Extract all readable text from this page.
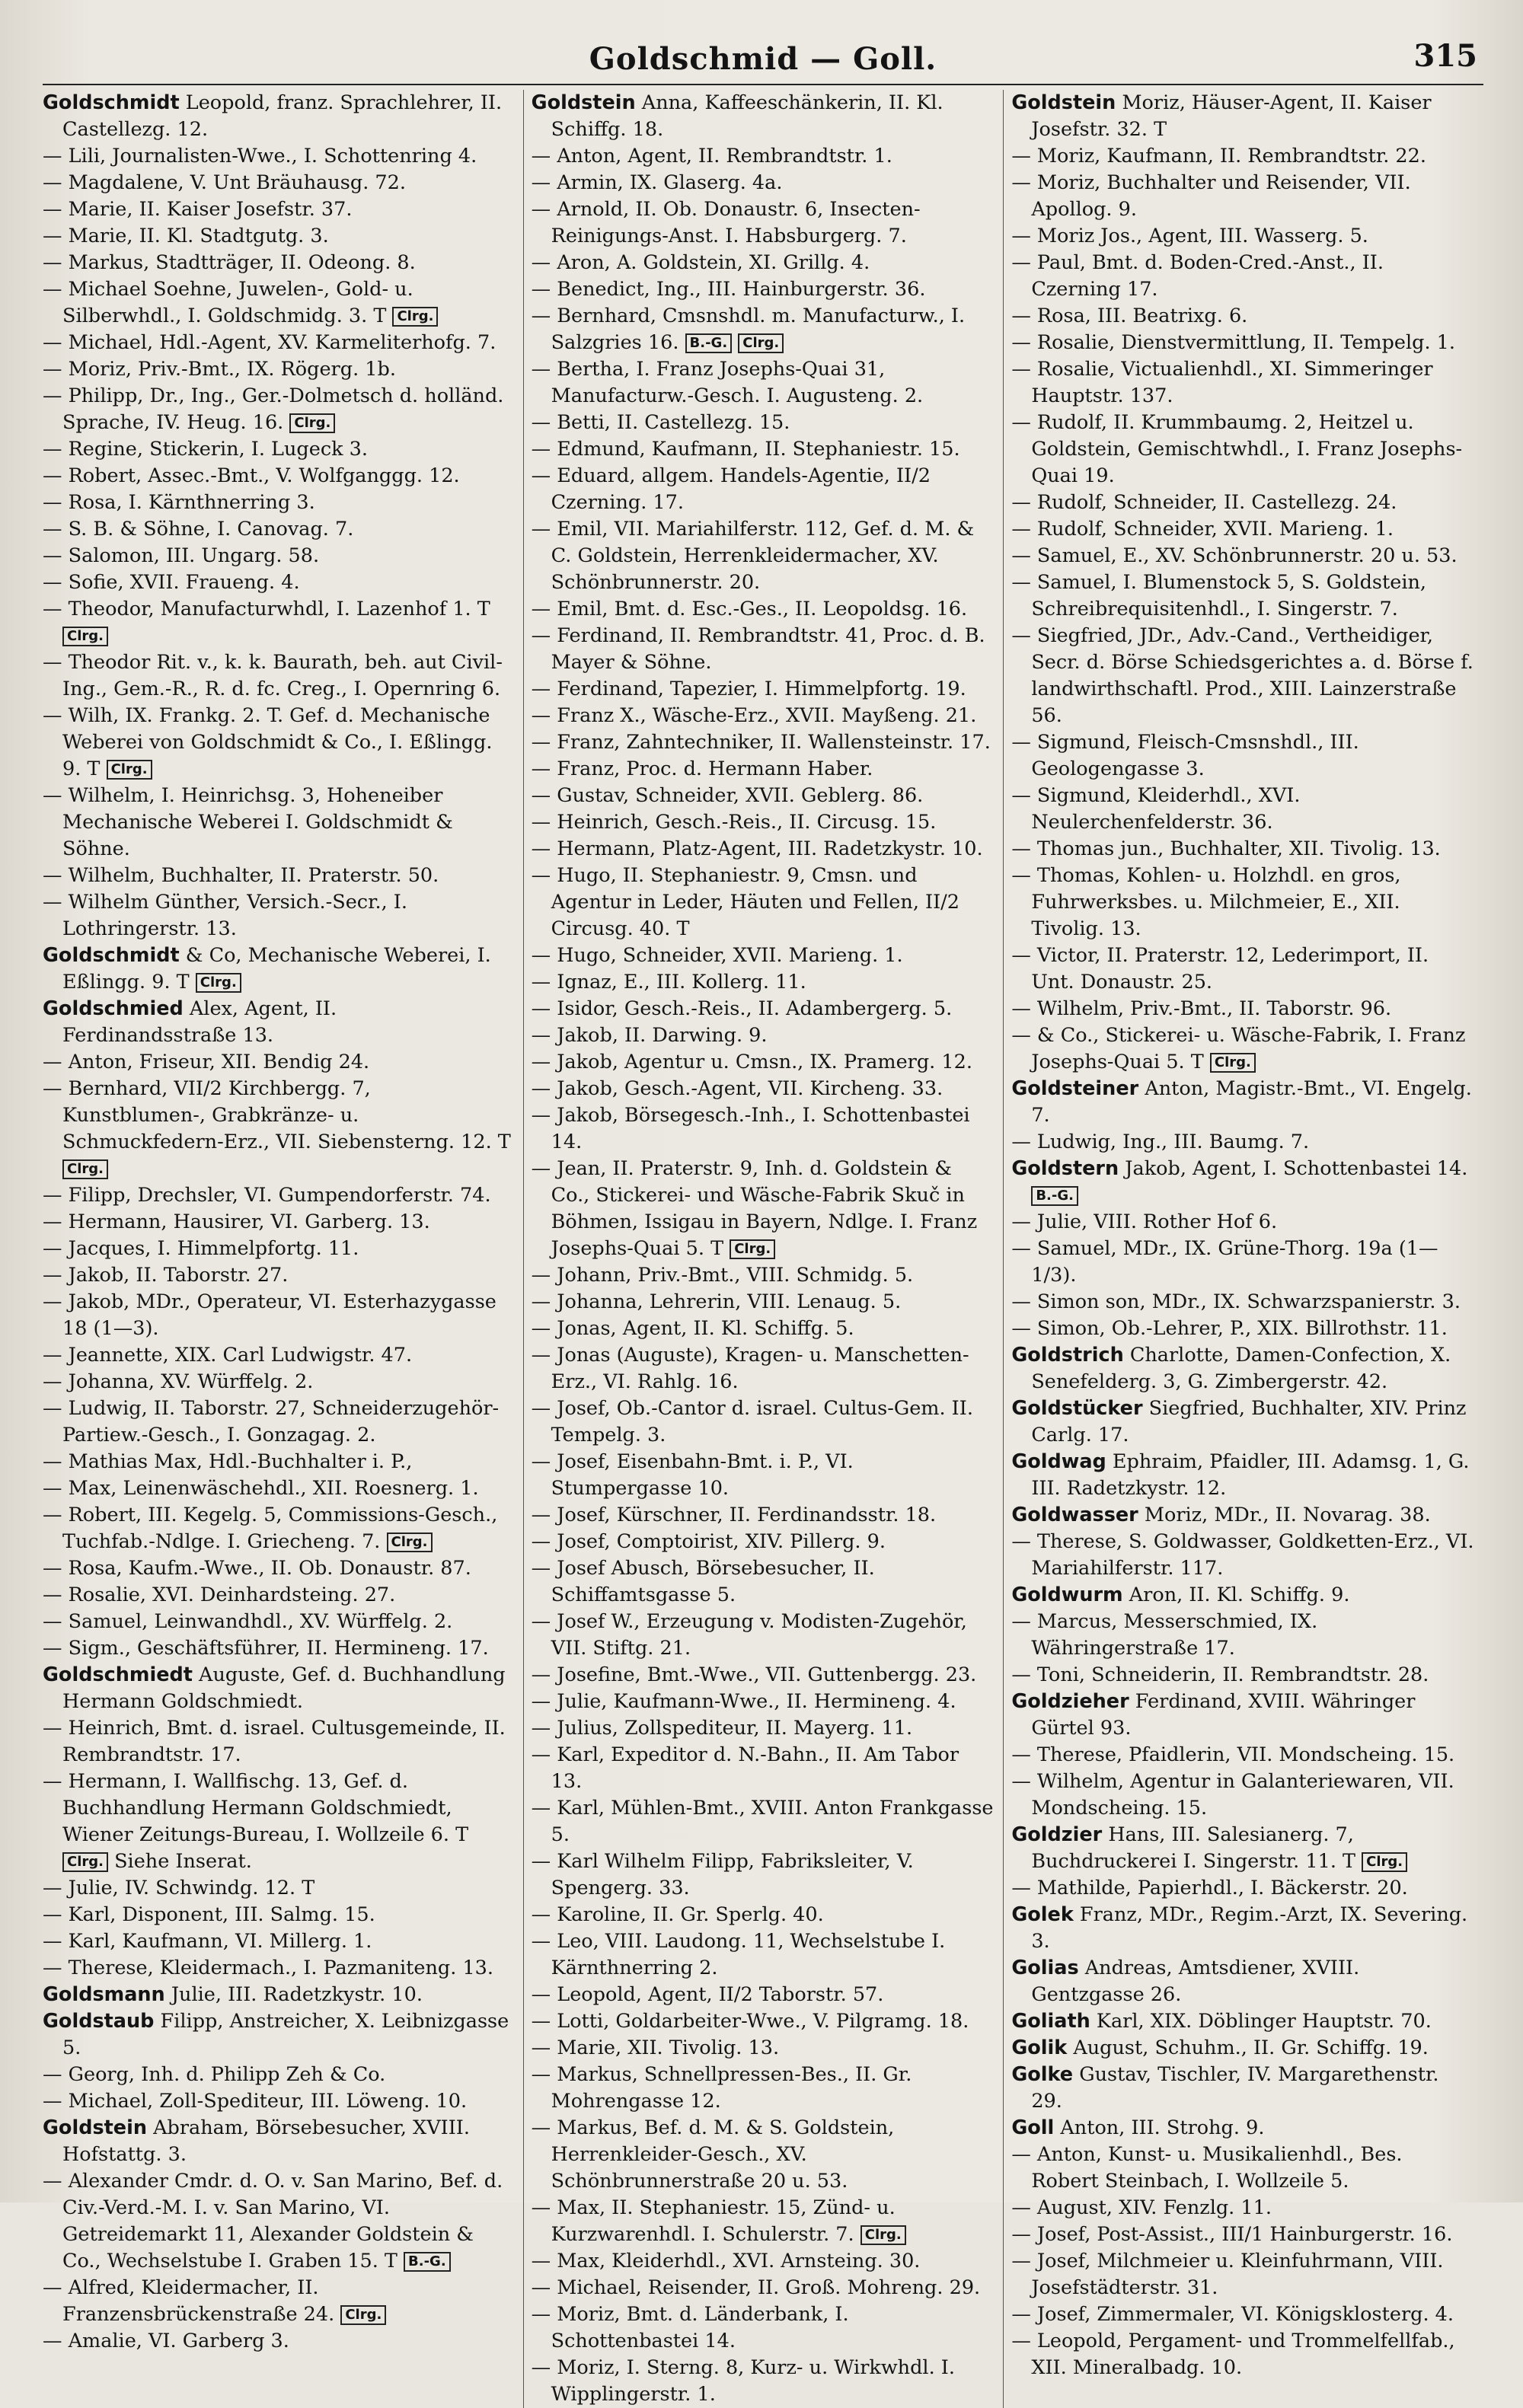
Goldschmid — Goll.	315
Goldschmidt Leopold, franz. Sprachlehrer, II. Castellezg. 12.
— Lili, Journalisten-Wwe., I. Schottenring 4.
— Magdalene, V. Unt Bräuhausg. 72.
— Marie, II. Kaiser Josefstr. 37.
— Marie, II. Kl. Stadtgutg. 3.
— Markus, Stadtträger, II. Odeong. 8.
— Michael Soehne, Juwelen-, Gold- u. Silberwhdl., I. Goldschmidg. 3. T Clrg.
— Michael, Hdl.-Agent, XV. Karmeliterhofg. 7.
— Moriz, Priv.-Bmt., IX. Rögerg. 1b.
— Philipp, Dr., Ing., Ger.-Dolmetsch d. holländ. Sprache, IV. Heug. 16. Clrg.
— Regine, Stickerin, I. Lugeck 3.
— Robert, Assec.-Bmt., V. Wolfganggg. 12.
— Rosa, I. Kärnthnerring 3.
— S. B. & Söhne, I. Canovag. 7.
— Salomon, III. Ungarg. 58.
— Sofie, XVII. Fraueng. 4.
— Theodor, Manufacturwhdl, I. Lazenhof 1. T Clrg.
— Theodor Rit. v., k. k. Baurath, beh. aut Civil-Ing., Gem.-R., R. d. fc. Creg., I. Opernring 6.
— Wilh, IX. Frankg. 2. T. Gef. d. Mechanische Weberei von Goldschmidt & Co., I. Eßlingg. 9. T Clrg.
— Wilhelm, I. Heinrichsg. 3, Hoheneiber Mechanische Weberei I. Goldschmidt & Söhne.
— Wilhelm, Buchhalter, II. Praterstr. 50.
— Wilhelm Günther, Versich.-Secr., I. Lothringerstr. 13.
Goldschmidt & Co, Mechanische Weberei, I. Eßlingg. 9. T Clrg.
Goldschmied Alex, Agent, II. Ferdinandsstraße 13.
— Anton, Friseur, XII. Bendig 24.
— Bernhard, VII/2 Kirchbergg. 7, Kunstblumen-, Grabkränze- u. Schmuckfedern-Erz., VII. Siebensterng. 12. T Clrg.
— Filipp, Drechsler, VI. Gumpendorferstr. 74.
— Hermann, Hausirer, VI. Garberg. 13.
— Jacques, I. Himmelpfortg. 11.
— Jakob, II. Taborstr. 27.
— Jakob, MDr., Operateur, VI. Esterhazygasse 18 (1—3).
— Jeannette, XIX. Carl Ludwigstr. 47.
— Johanna, XV. Würffelg. 2.
— Ludwig, II. Taborstr. 27, Schneiderzugehör-Partiew.-Gesch., I. Gonzagag. 2.
— Mathias Max, Hdl.-Buchhalter i. P.,
— Max, Leinenwäschehdl., XII. Roesnerg. 1.
— Robert, III. Kegelg. 5, Commissions-Gesch., Tuchfab.-Ndlge. I. Griecheng. 7. Clrg.
— Rosa, Kaufm.-Wwe., II. Ob. Donaustr. 87.
— Rosalie, XVI. Deinhardsteing. 27.
— Samuel, Leinwandhdl., XV. Würffelg. 2.
— Sigm., Geschäftsführer, II. Hermineng. 17.
Goldschmiedt Auguste, Gef. d. Buchhandlung Hermann Goldschmiedt.
— Heinrich, Bmt. d. israel. Cultusgemeinde, II. Rembrandtstr. 17.
— Hermann, I. Wallfischg. 13, Gef. d. Buchhandlung Hermann Goldschmiedt, Wiener Zeitungs-Bureau, I. Wollzeile 6. T Clrg. Siehe Inserat.
— Julie, IV. Schwindg. 12. T
— Karl, Disponent, III. Salmg. 15.
— Karl, Kaufmann, VI. Millerg. 1.
— Therese, Kleidermach., I. Pazmaniteng. 13.
Goldsmann Julie, III. Radetzkystr. 10.
Goldstaub Filipp, Anstreicher, X. Leibnizgasse 5.
— Georg, Inh. d. Philipp Zeh & Co.
— Michael, Zoll-Spediteur, III. Löweng. 10.
Goldstein Abraham, Börsebesucher, XVIII. Hofstattg. 3.
— Alexander Cmdr. d. O. v. San Marino, Bef. d. Civ.-Verd.-M. I. v. San Marino, VI. Getreidemarkt 11, Alexander Goldstein & Co., Wechselstube I. Graben 15. T B.-G.
— Alfred, Kleidermacher, II. Franzensbrückenstraße 24. Clrg.
— Amalie, VI. Garberg 3.
Goldstein Anna, Kaffeeschänkerin, II. Kl. Schiffg. 18.
— Anton, Agent, II. Rembrandtstr. 1.
— Armin, IX. Glaserg. 4a.
— Arnold, II. Ob. Donaustr. 6, Insecten-Reinigungs-Anst. I. Habsburgerg. 7.
— Aron, A. Goldstein, XI. Grillg. 4.
— Benedict, Ing., III. Hainburgerstr. 36.
— Bernhard, Cmsnshdl. m. Manufacturw., I. Salzgries 16. B.-G. Clrg.
— Bertha, I. Franz Josephs-Quai 31, Manufacturw.-Gesch. I. Augusteng. 2.
— Betti, II. Castellezg. 15.
— Edmund, Kaufmann, II. Stephaniestr. 15.
— Eduard, allgem. Handels-Agentie, II/2 Czerning. 17.
— Emil, VII. Mariahilferstr. 112, Gef. d. M. & C. Goldstein, Herrenkleidermacher, XV. Schönbrunnerstr. 20.
— Emil, Bmt. d. Esc.-Ges., II. Leopoldsg. 16.
— Ferdinand, II. Rembrandtstr. 41, Proc. d. B. Mayer & Söhne.
— Ferdinand, Tapezier, I. Himmelpfortg. 19.
— Franz X., Wäsche-Erz., XVII. Mayßeng. 21.
— Franz, Zahntechniker, II. Wallensteinstr. 17.
— Franz, Proc. d. Hermann Haber.
— Gustav, Schneider, XVII. Geblerg. 86.
— Heinrich, Gesch.-Reis., II. Circusg. 15.
— Hermann, Platz-Agent, III. Radetzkystr. 10.
— Hugo, II. Stephaniestr. 9, Cmsn. und Agentur in Leder, Häuten und Fellen, II/2 Circusg. 40. T
— Hugo, Schneider, XVII. Marieng. 1.
— Ignaz, E., III. Kollerg. 11.
— Isidor, Gesch.-Reis., II. Adambergerg. 5.
— Jakob, II. Darwing. 9.
— Jakob, Agentur u. Cmsn., IX. Pramerg. 12.
— Jakob, Gesch.-Agent, VII. Kircheng. 33.
— Jakob, Börsegesch.-Inh., I. Schottenbastei 14.
— Jean, II. Praterstr. 9, Inh. d. Goldstein & Co., Stickerei- und Wäsche-Fabrik Skuč in Böhmen, Issigau in Bayern, Ndlge. I. Franz Josephs-Quai 5. T Clrg.
— Johann, Priv.-Bmt., VIII. Schmidg. 5.
— Johanna, Lehrerin, VIII. Lenaug. 5.
— Jonas, Agent, II. Kl. Schiffg. 5.
— Jonas (Auguste), Kragen- u. Manschetten-Erz., VI. Rahlg. 16.
— Josef, Ob.-Cantor d. israel. Cultus-Gem. II. Tempelg. 3.
— Josef, Eisenbahn-Bmt. i. P., VI. Stumpergasse 10.
— Josef, Kürschner, II. Ferdinandsstr. 18.
— Josef, Comptoirist, XIV. Pillerg. 9.
— Josef Abusch, Börsebesucher, II. Schiffamtsgasse 5.
— Josef W., Erzeugung v. Modisten-Zugehör, VII. Stiftg. 21.
— Josefine, Bmt.-Wwe., VII. Guttenbergg. 23.
— Julie, Kaufmann-Wwe., II. Hermineng. 4.
— Julius, Zollspediteur, II. Mayerg. 11.
— Karl, Expeditor d. N.-Bahn., II. Am Tabor 13.
— Karl, Mühlen-Bmt., XVIII. Anton Frankgasse 5.
— Karl Wilhelm Filipp, Fabriksleiter, V. Spengerg. 33.
— Karoline, II. Gr. Sperlg. 40.
— Leo, VIII. Laudong. 11, Wechselstube I. Kärnthnerring 2.
— Leopold, Agent, II/2 Taborstr. 57.
— Lotti, Goldarbeiter-Wwe., V. Pilgramg. 18.
— Marie, XII. Tivolig. 13.
— Markus, Schnellpressen-Bes., II. Gr. Mohrengasse 12.
— Markus, Bef. d. M. & S. Goldstein, Herrenkleider-Gesch., XV. Schönbrunnerstraße 20 u. 53.
— Max, II. Stephaniestr. 15, Zünd- u. Kurzwarenhdl. I. Schulerstr. 7. Clrg.
— Max, Kleiderhdl., XVI. Arnsteing. 30.
— Michael, Reisender, II. Groß. Mohreng. 29.
— Moriz, Bmt. d. Länderbank, I. Schottenbastei 14.
— Moriz, I. Sterng. 8, Kurz- u. Wirkwhdl. I. Wipplingerstr. 1.
Goldstein Moriz, Häuser-Agent, II. Kaiser Josefstr. 32. T
— Moriz, Kaufmann, II. Rembrandtstr. 22.
— Moriz, Buchhalter und Reisender, VII. Apollog. 9.
— Moriz Jos., Agent, III. Wasserg. 5.
— Paul, Bmt. d. Boden-Cred.-Anst., II. Czerning 17.
— Rosa, III. Beatrixg. 6.
— Rosalie, Dienstvermittlung, II. Tempelg. 1.
— Rosalie, Victualienhdl., XI. Simmeringer Hauptstr. 137.
— Rudolf, II. Krummbaumg. 2, Heitzel u. Goldstein, Gemischtwhdl., I. Franz Josephs-Quai 19.
— Rudolf, Schneider, II. Castellezg. 24.
— Rudolf, Schneider, XVII. Marieng. 1.
— Samuel, E., XV. Schönbrunnerstr. 20 u. 53.
— Samuel, I. Blumenstock 5, S. Goldstein, Schreibrequisitenhdl., I. Singerstr. 7.
— Siegfried, JDr., Adv.-Cand., Vertheidiger, Secr. d. Börse Schiedsgerichtes a. d. Börse f. landwirthschaftl. Prod., XIII. Lainzerstraße 56.
— Sigmund, Fleisch-Cmsnshdl., III. Geologengasse 3.
— Sigmund, Kleiderhdl., XVI. Neulerchenfelderstr. 36.
— Thomas jun., Buchhalter, XII. Tivolig. 13.
— Thomas, Kohlen- u. Holzhdl. en gros, Fuhrwerksbes. u. Milchmeier, E., XII. Tivolig. 13.
— Victor, II. Praterstr. 12, Lederimport, II. Unt. Donaustr. 25.
— Wilhelm, Priv.-Bmt., II. Taborstr. 96.
— & Co., Stickerei- u. Wäsche-Fabrik, I. Franz Josephs-Quai 5. T Clrg.
Goldsteiner Anton, Magistr.-Bmt., VI. Engelg. 7.
— Ludwig, Ing., III. Baumg. 7.
Goldstern Jakob, Agent, I. Schottenbastei 14. B.-G.
— Julie, VIII. Rother Hof 6.
— Samuel, MDr., IX. Grüne-Thorg. 19a (1—1/3).
— Simon son, MDr., IX. Schwarzspanierstr. 3.
— Simon, Ob.-Lehrer, P., XIX. Billrothstr. 11.
Goldstrich Charlotte, Damen-Confection, X. Senefelderg. 3, G. Zimbergerstr. 42.
Goldstücker Siegfried, Buchhalter, XIV. Prinz Carlg. 17.
Goldwag Ephraim, Pfaidler, III. Adamsg. 1, G. III. Radetzkystr. 12.
Goldwasser Moriz, MDr., II. Novarag. 38.
— Therese, S. Goldwasser, Goldketten-Erz., VI. Mariahilferstr. 117.
Goldwurm Aron, II. Kl. Schiffg. 9.
— Marcus, Messerschmied, IX. Währingerstraße 17.
— Toni, Schneiderin, II. Rembrandtstr. 28.
Goldzieher Ferdinand, XVIII. Währinger Gürtel 93.
— Therese, Pfaidlerin, VII. Mondscheing. 15.
— Wilhelm, Agentur in Galanteriewaren, VII. Mondscheing. 15.
Goldzier Hans, III. Salesianerg. 7, Buchdruckerei I. Singerstr. 11. T Clrg.
— Mathilde, Papierhdl., I. Bäckerstr. 20.
Golek Franz, MDr., Regim.-Arzt, IX. Severing. 3.
Golias Andreas, Amtsdiener, XVIII. Gentzgasse 26.
Goliath Karl, XIX. Döblinger Hauptstr. 70.
Golik August, Schuhm., II. Gr. Schiffg. 19.
Golke Gustav, Tischler, IV. Margarethenstr. 29.
Goll Anton, III. Strohg. 9.
— Anton, Kunst- u. Musikalienhdl., Bes. Robert Steinbach, I. Wollzeile 5.
— August, XIV. Fenzlg. 11.
— Josef, Post-Assist., III/1 Hainburgerstr. 16.
— Josef, Milchmeier u. Kleinfuhrmann, VIII. Josefstädterstr. 31.
— Josef, Zimmermaler, VI. Königsklosterg. 4.
— Leopold, Pergament- und Trommelfellfab., XII. Mineralbadg. 10.
